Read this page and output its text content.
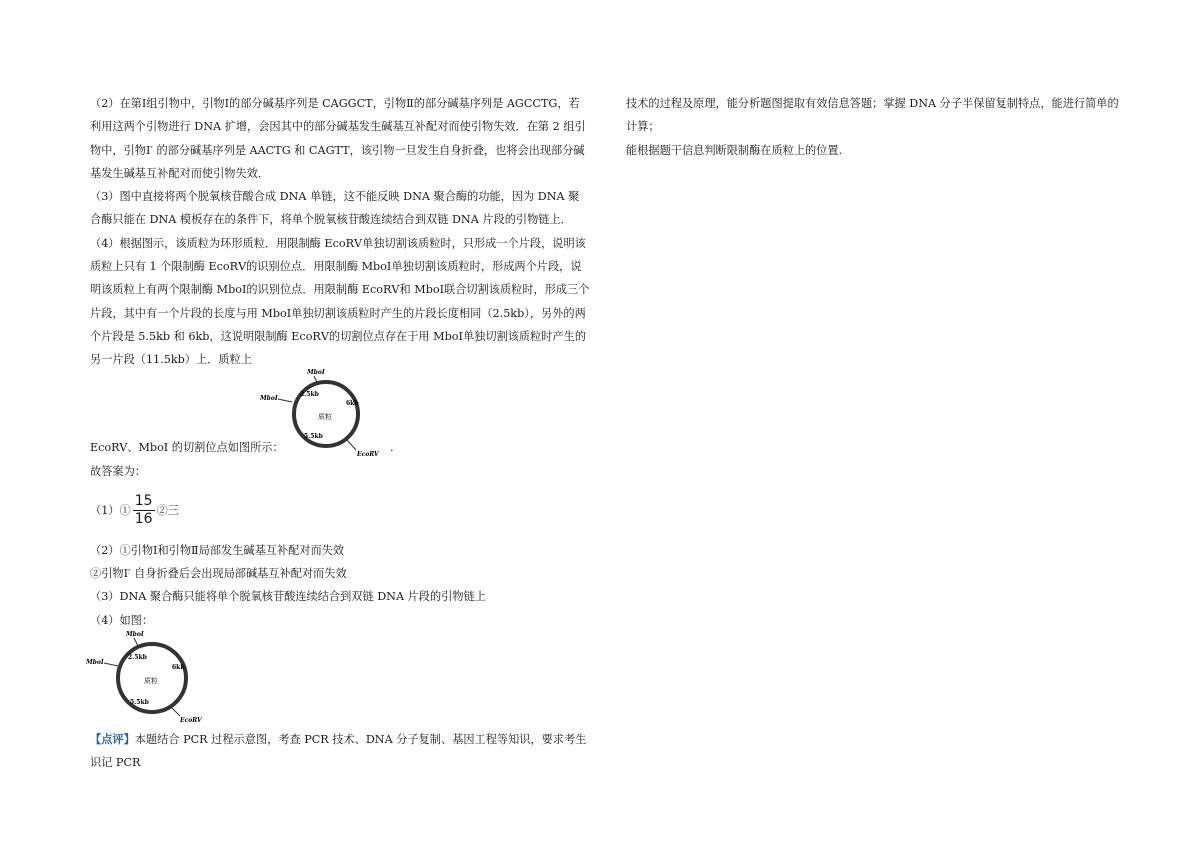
（2）在第Ⅰ组引物中，引物Ⅰ的部分碱基序列是 CAGGCT，引物Ⅱ的部分碱基序列是 AGCCTG，若利用这两个引物进行 DNA 扩增，会因其中的部分碱基发生碱基互补配对而使引物失效．在第 2 组引物中，引物Ⅰ′ 的部分碱基序列是 AACTG 和 CAGTT，该引物一旦发生自身折叠，也将会出现部分碱基发生碱基互补配对而使引物失效．

（3）图中直接将两个脱氧核苷酸合成 DNA 单链，这不能反映 DNA 聚合酶的功能，因为 DNA 聚合酶只能在 DNA 模板存在的条件下，将单个脱氧核苷酸连续结合到双链 DNA 片段的引物链上．

（4）根据图示，该质粒为环形质粒．用限制酶 EcoRⅤ单独切割该质粒时，只形成一个片段，说明该质粒上只有 1 个限制酶 EcoRⅤ的识别位点．用限制酶 MboⅠ单独切割该质粒时，形成两个片段，说明该质粒上有两个限制酶 MboⅠ的识别位点．用限制酶 EcoRⅤ和 MboⅠ联合切割该质粒时，形成三个片段，其中有一个片段的长度与用 MboⅠ单独切割该质粒时产生的片段长度相同（2.5kb），另外的两个片段是 5.5kb 和 6kb，这说明限制酶 EcoRⅤ的切割位点存在于用 MboⅠ单独切割该质粒时产生的另一片段（11.5kb）上．质粒上

EcoRV、MboI 的切割位点如图所示：
质粒
MboI
MboI
2.5kb
6kb
5.5kb
EcoRV .

故答案为：

（1）① $\frac{15}{16}$ ②三

（2）①引物Ⅰ和引物Ⅱ局部发生碱基互补配对而失效

②引物Ⅰ′ 自身折叠后会出现局部碱基互补配对而失效

（3）DNA 聚合酶只能将单个脱氧核苷酸连续结合到双链 DNA 片段的引物链上

（4）如图：

质粒
MboI
MboI
2.5kb
6kb
5.5kb
EcoRV

【点评】本题结合 PCR 过程示意图，考查 PCR 技术、DNA 分子复制、基因工程等知识，要求考生识记 PCR

技术的过程及原理，能分析题图提取有效信息答题；掌握 DNA 分子半保留复制特点，能进行简单的计算；

能根据题干信息判断限制酶在质粒上的位置.
